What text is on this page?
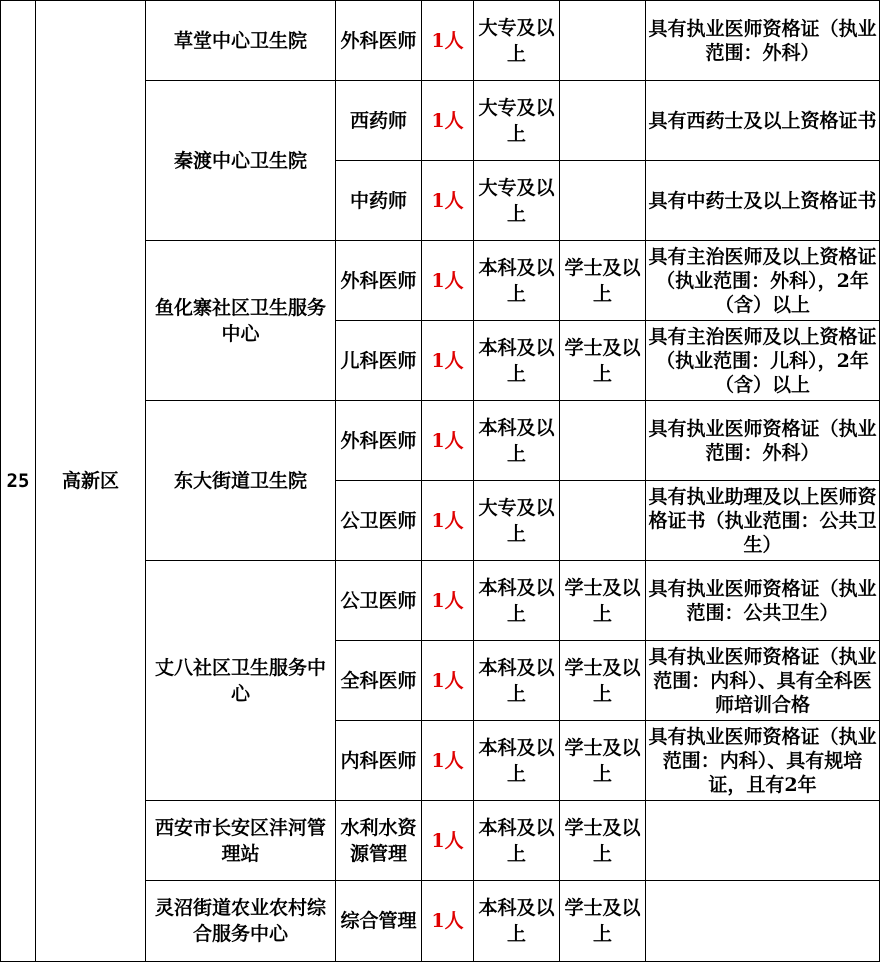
25	高新区	草堂中心卫生院	外科医师	1人	大专及以上		具有执业医师资格证（执业范围：外科）
		秦渡中心卫生院	西药师	1人	大专及以上		具有西药士及以上资格证书
			中药师	1人	大专及以上		具有中药士及以上资格证书
		鱼化寨社区卫生服务中心	外科医师	1人	本科及以上	学士及以上	具有主治医师及以上资格证（执业范围：外科），2年（含）以上
			儿科医师	1人	本科及以上	学士及以上	具有主治医师及以上资格证（执业范围：儿科），2年（含）以上
		东大街道卫生院	外科医师	1人	本科及以上		具有执业医师资格证（执业范围：外科）
			公卫医师	1人	大专及以上		具有执业助理及以上医师资格证书（执业范围：公共卫生）
		丈八社区卫生服务中心	公卫医师	1人	本科及以上	学士及以上	具有执业医师资格证（执业范围：公共卫生）
			全科医师	1人	本科及以上	学士及以上	具有执业医师资格证（执业范围：内科）、具有全科医师培训合格
			内科医师	1人	本科及以上	学士及以上	具有执业医师资格证（执业范围：内科）、具有规培证，且有2年
		西安市长安区沣河管理站	水利水资源管理	1人	本科及以上	学士及以上	
		灵沼街道农业农村综合服务中心	综合管理	1人	本科及以上	学士及以上	
